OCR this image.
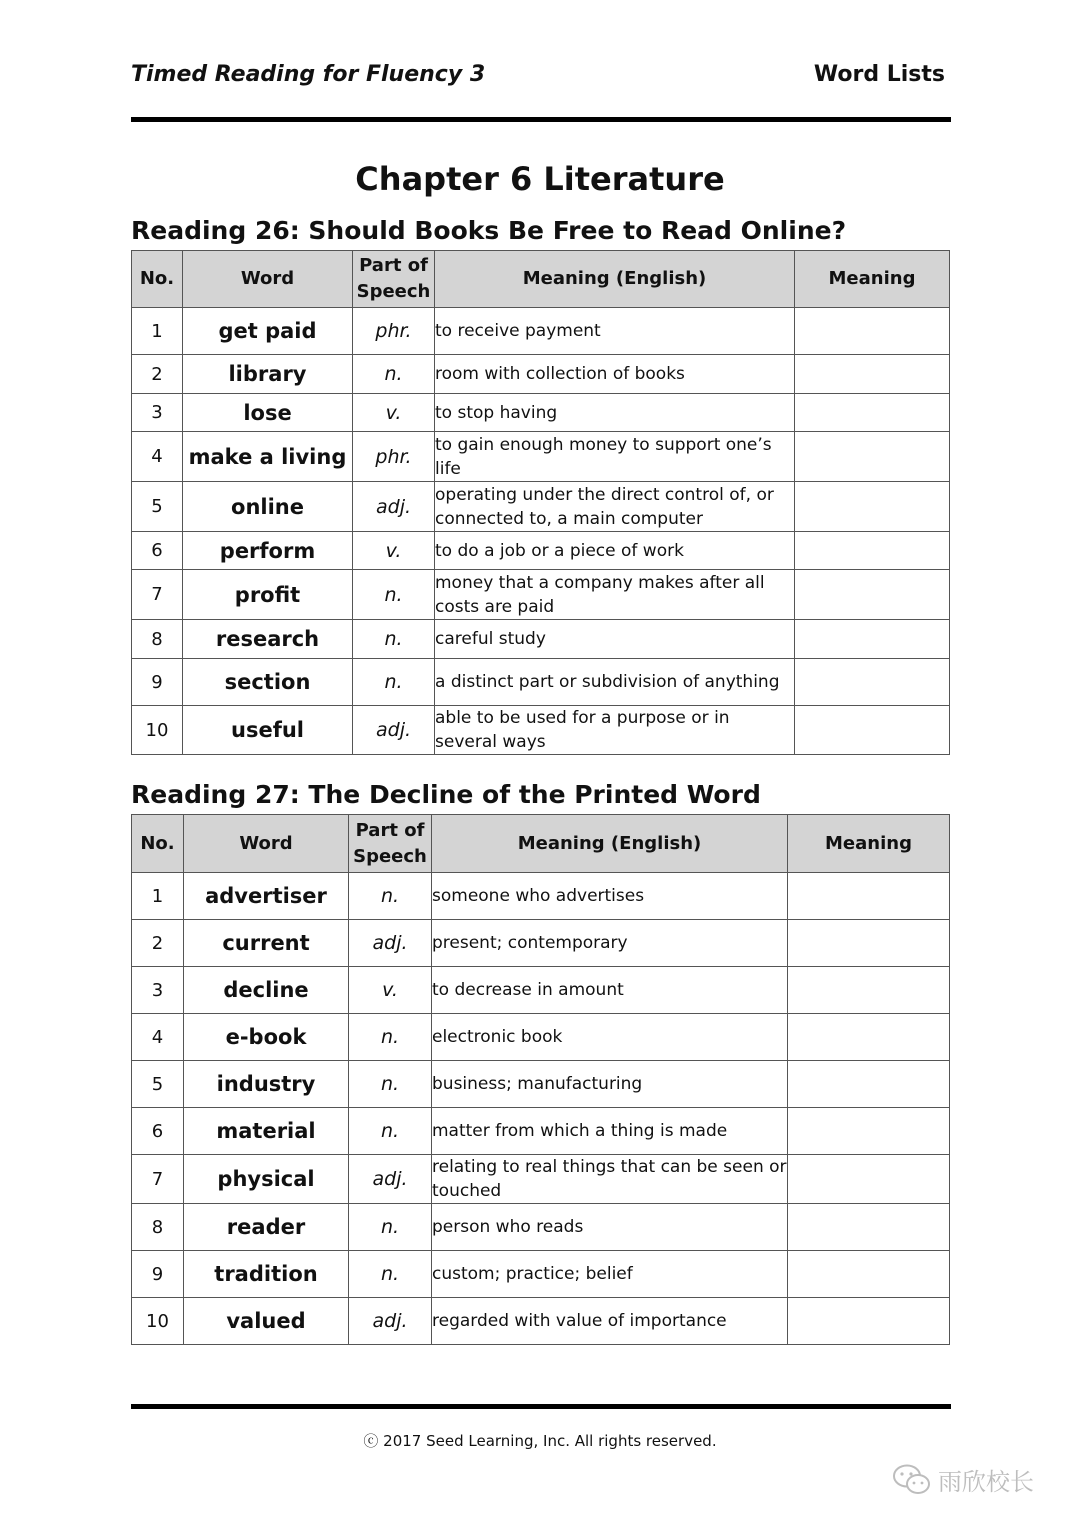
Timed Reading for Fluency 3	Word Lists
Chapter 6 Literature
Reading 26: Should Books Be Free to Read Online?
No.	Word	Part of Speech	Meaning (English)	Meaning
1	get paid	phr.	to receive payment	
2	library	n.	room with collection of books	
3	lose	v.	to stop having	
4	make a living	phr.	to gain enough money to support one’s life	
5	online	adj.	operating under the direct control of, or connected to, a main computer	
6	perform	v.	to do a job or a piece of work	
7	profit	n.	money that a company makes after all costs are paid	
8	research	n.	careful study	
9	section	n.	a distinct part or subdivision of anything	
10	useful	adj.	able to be used for a purpose or in several ways	
Reading 27: The Decline of the Printed Word
No.	Word	Part of Speech	Meaning (English)	Meaning
1	advertiser	n.	someone who advertises	
2	current	adj.	present; contemporary	
3	decline	v.	to decrease in amount	
4	e-book	n.	electronic book	
5	industry	n.	business; manufacturing	
6	material	n.	matter from which a thing is made	
7	physical	adj.	relating to real things that can be seen or touched	
8	reader	n.	person who reads	
9	tradition	n.	custom; practice; belief	
10	valued	adj.	regarded with value of importance	
ⓒ 2017 Seed Learning, Inc. All rights reserved.
雨欣校长
